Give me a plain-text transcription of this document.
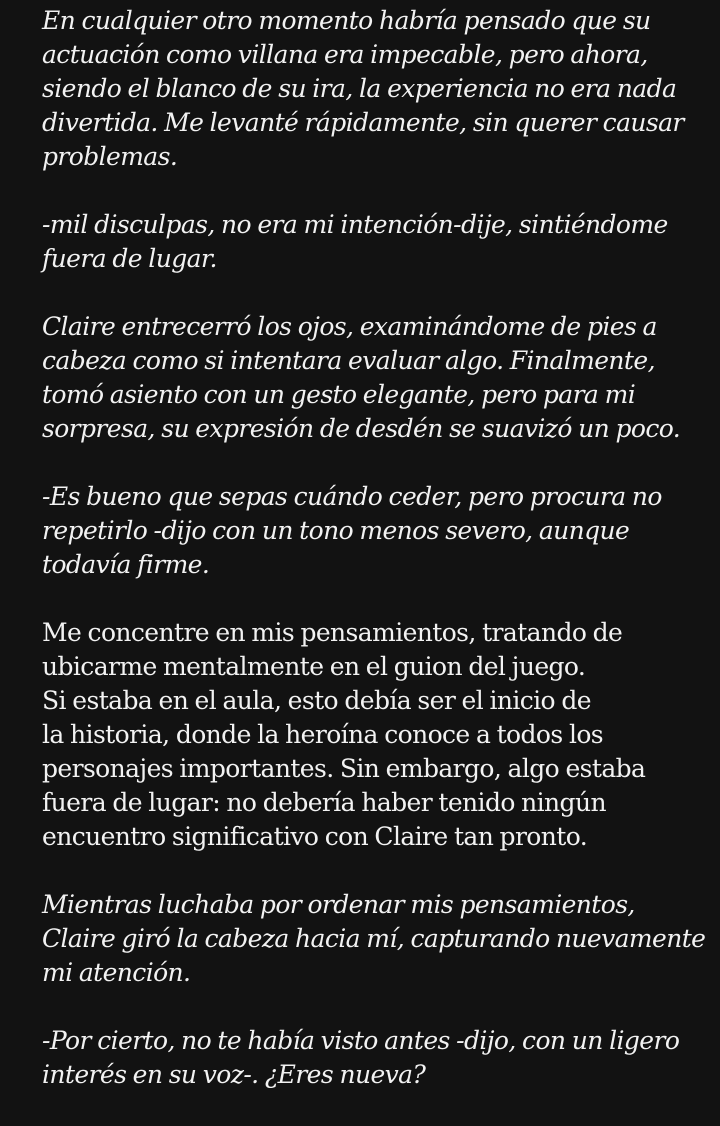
En cualquier otro momento habría pensado que su
actuación como villana era impecable, pero ahora,
siendo el blanco de su ira, la experiencia no era nada
divertida. Me levanté rápidamente, sin querer causar
problemas.

-mil disculpas, no era mi intención-dije, sintiéndome
fuera de lugar.

Claire entrecerró los ojos, examinándome de pies a
cabeza como si intentara evaluar algo. Finalmente,
tomó asiento con un gesto elegante, pero para mi
sorpresa, su expresión de desdén se suavizó un poco.

-Es bueno que sepas cuándo ceder, pero procura no
repetirlo -dijo con un tono menos severo, aunque
todavía firme.

Me concentre en mis pensamientos, tratando de
ubicarme mentalmente en el guion del juego.
Si estaba en el aula, esto debía ser el inicio de
la historia, donde la heroína conoce a todos los
personajes importantes. Sin embargo, algo estaba
fuera de lugar: no debería haber tenido ningún
encuentro significativo con Claire tan pronto.

Mientras luchaba por ordenar mis pensamientos,
Claire giró la cabeza hacia mí, capturando nuevamente
mi atención.

-Por cierto, no te había visto antes -dijo, con un ligero
interés en su voz-. ¿Eres nueva?
